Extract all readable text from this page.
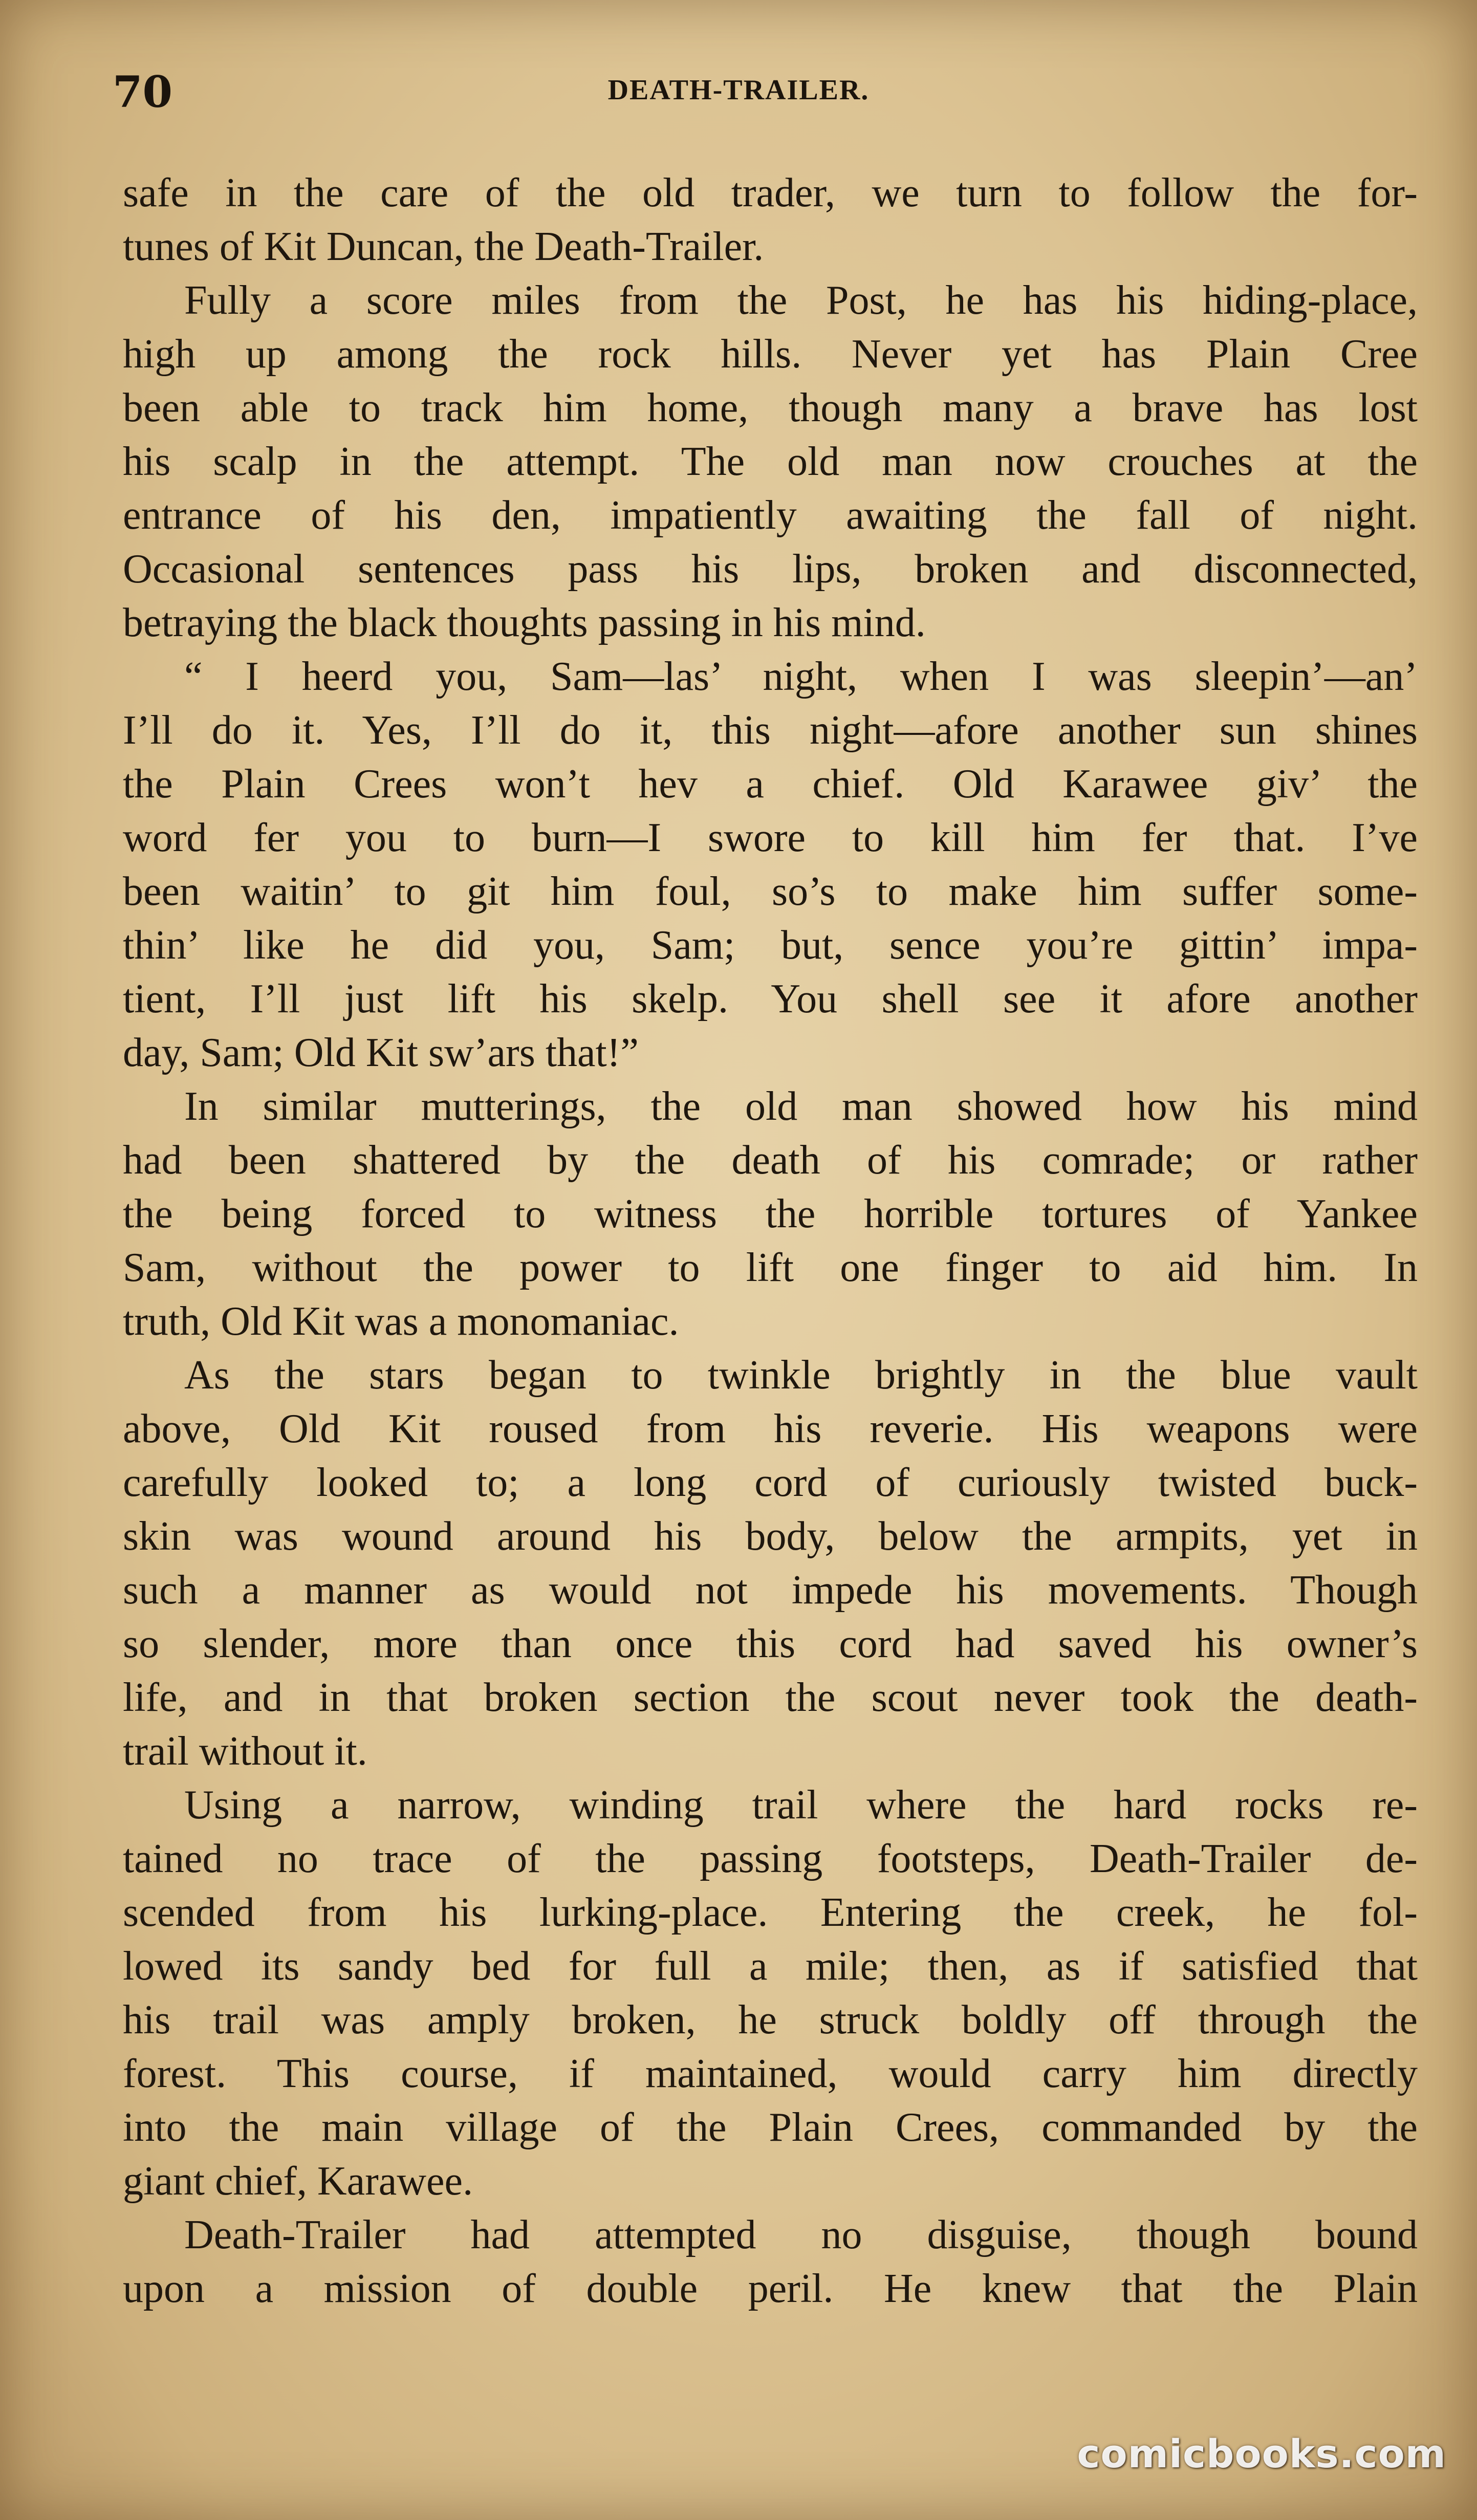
70	DEATH-TRAILER.
safe in the care of the old trader, we turn to follow the for-
tunes of Kit Duncan, the Death-Trailer.
Fully a score miles from the Post, he has his hiding-place,
high up among the rock hills. Never yet has Plain Cree
been able to track him home, though many a brave has lost
his scalp in the attempt. The old man now crouches at the
entrance of his den, impatiently awaiting the fall of night.
Occasional sentences pass his lips, broken and disconnected,
betraying the black thoughts passing in his mind.
“ I heerd you, Sam—las’ night, when I was sleepin’—an’
I’ll do it. Yes, I’ll do it, this night—afore another sun shines
the Plain Crees won’t hev a chief. Old Karawee giv’ the
word fer you to burn—I swore to kill him fer that. I’ve
been waitin’ to git him foul, so’s to make him suffer some-
thin’ like he did you, Sam; but, sence you’re gittin’ impa-
tient, I’ll just lift his skelp. You shell see it afore another
day, Sam; Old Kit sw’ars that!”
In similar mutterings, the old man showed how his mind
had been shattered by the death of his comrade; or rather
the being forced to witness the horrible tortures of Yankee
Sam, without the power to lift one finger to aid him. In
truth, Old Kit was a monomaniac.
As the stars began to twinkle brightly in the blue vault
above, Old Kit roused from his reverie. His weapons were
carefully looked to; a long cord of curiously twisted buck-
skin was wound around his body, below the armpits, yet in
such a manner as would not impede his movements. Though
so slender, more than once this cord had saved his owner’s
life, and in that broken section the scout never took the death-
trail without it.
Using a narrow, winding trail where the hard rocks re-
tained no trace of the passing footsteps, Death-Trailer de-
scended from his lurking-place. Entering the creek, he fol-
lowed its sandy bed for full a mile; then, as if satisfied that
his trail was amply broken, he struck boldly off through the
forest. This course, if maintained, would carry him directly
into the main village of the Plain Crees, commanded by the
giant chief, Karawee.
Death-Trailer had attempted no disguise, though bound
upon a mission of double peril. He knew that the Plain
comicbooks.com
